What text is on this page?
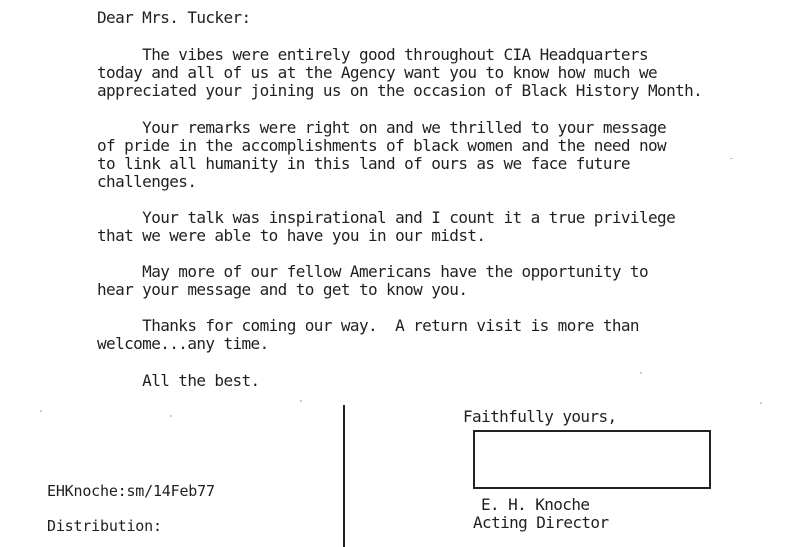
Dear Mrs. Tucker:
The vibes were entirely good throughout CIA Headquarters
today and all of us at the Agency want you to know how much we
appreciated your joining us on the occasion of Black History Month.
Your remarks were right on and we thrilled to your message
of pride in the accomplishments of black women and the need now
to link all humanity in this land of ours as we face future
challenges.
Your talk was inspirational and I count it a true privilege
that we were able to have you in our midst.
May more of our fellow Americans have the opportunity to
hear your message and to get to know you.
Thanks for coming our way.  A return visit is more than
welcome...any time.
All the best.
Faithfully yours,
E. H. Knoche
Acting Director
EHKnoche:sm/14Feb77
Distribution:
